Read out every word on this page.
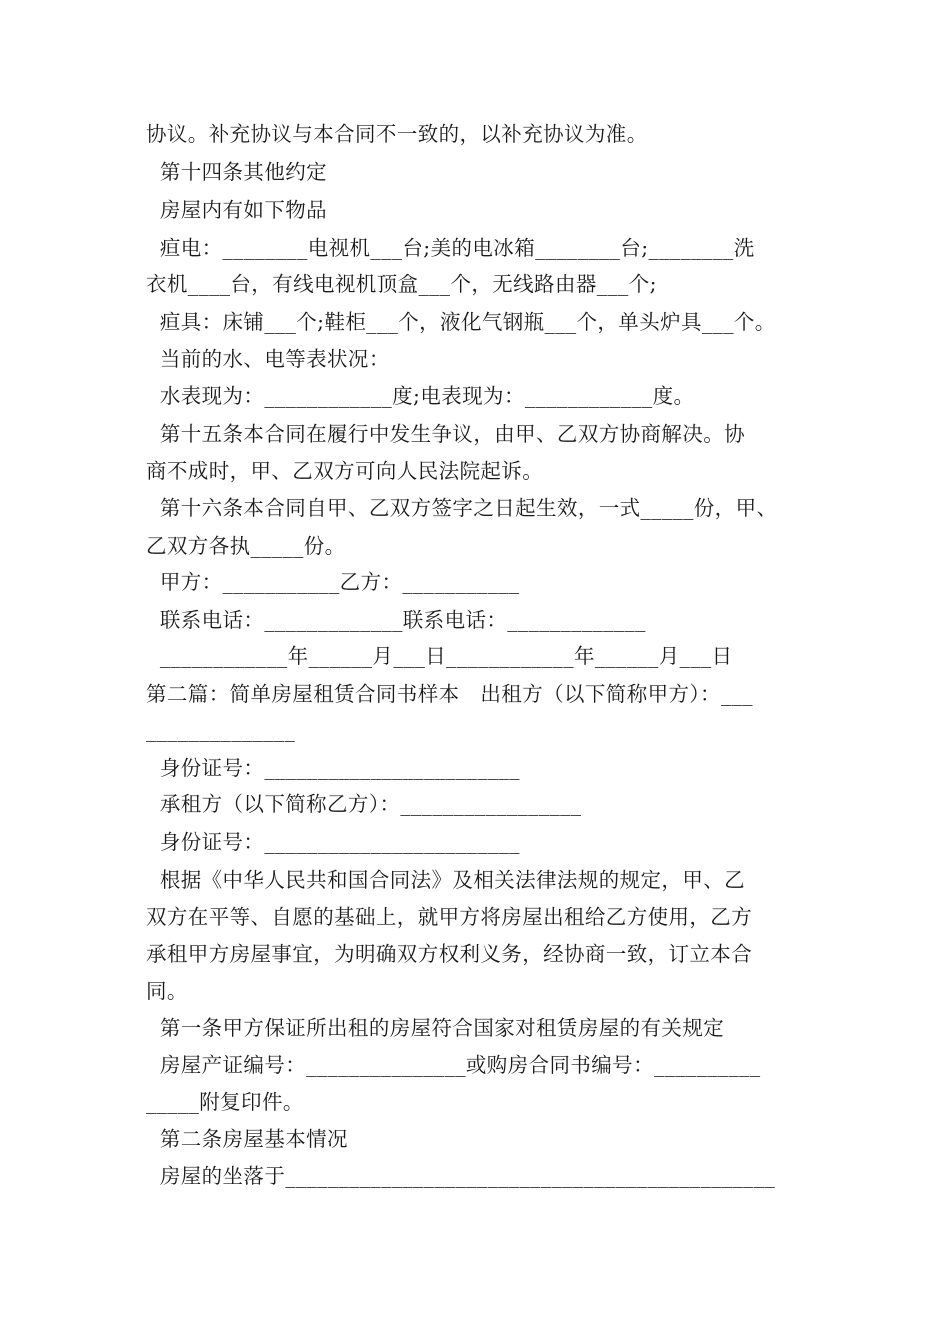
协议。补充协议与本合同不一致的，以补充协议为准。
第十四条其他约定
房屋内有如下物品
疸电：________电视机___台;美的电冰箱________台;________洗
衣机____台，有线电视机顶盒___个，无线路由器___个;
疸具：床铺___个;鞋柜___个，液化气钢瓶___个，单头炉具___个。
当前的水、电等表状况：
水表现为：____________度;电表现为：____________度。
第十五条本合同在履行中发生争议，由甲、乙双方协商解决。协
商不成时，甲、乙双方可向人民法院起诉。
第十六条本合同自甲、乙双方签字之日起生效，一式_____份，甲、
乙双方各执_____份。
甲方：___________乙方：___________
联系电话：_____________联系电话：_____________
____________年______月___日____________年______月___日
第二篇：简单房屋租赁合同书样本　出租方（以下简称甲方）：___
______________
身份证号：________________________
承租方（以下简称乙方）：_________________
身份证号：________________________
根据《中华人民共和国合同法》及相关法律法规的规定，甲、乙
双方在平等、自愿的基础上，就甲方将房屋出租给乙方使用，乙方
承租甲方房屋事宜，为明确双方权利义务，经协商一致，订立本合
同。
第一条甲方保证所出租的房屋符合国家对租赁房屋的有关规定
房屋产证编号：_______________或购房合同书编号：__________
_____附复印件。
第二条房屋基本情况
房屋的坐落于______________________________________________
